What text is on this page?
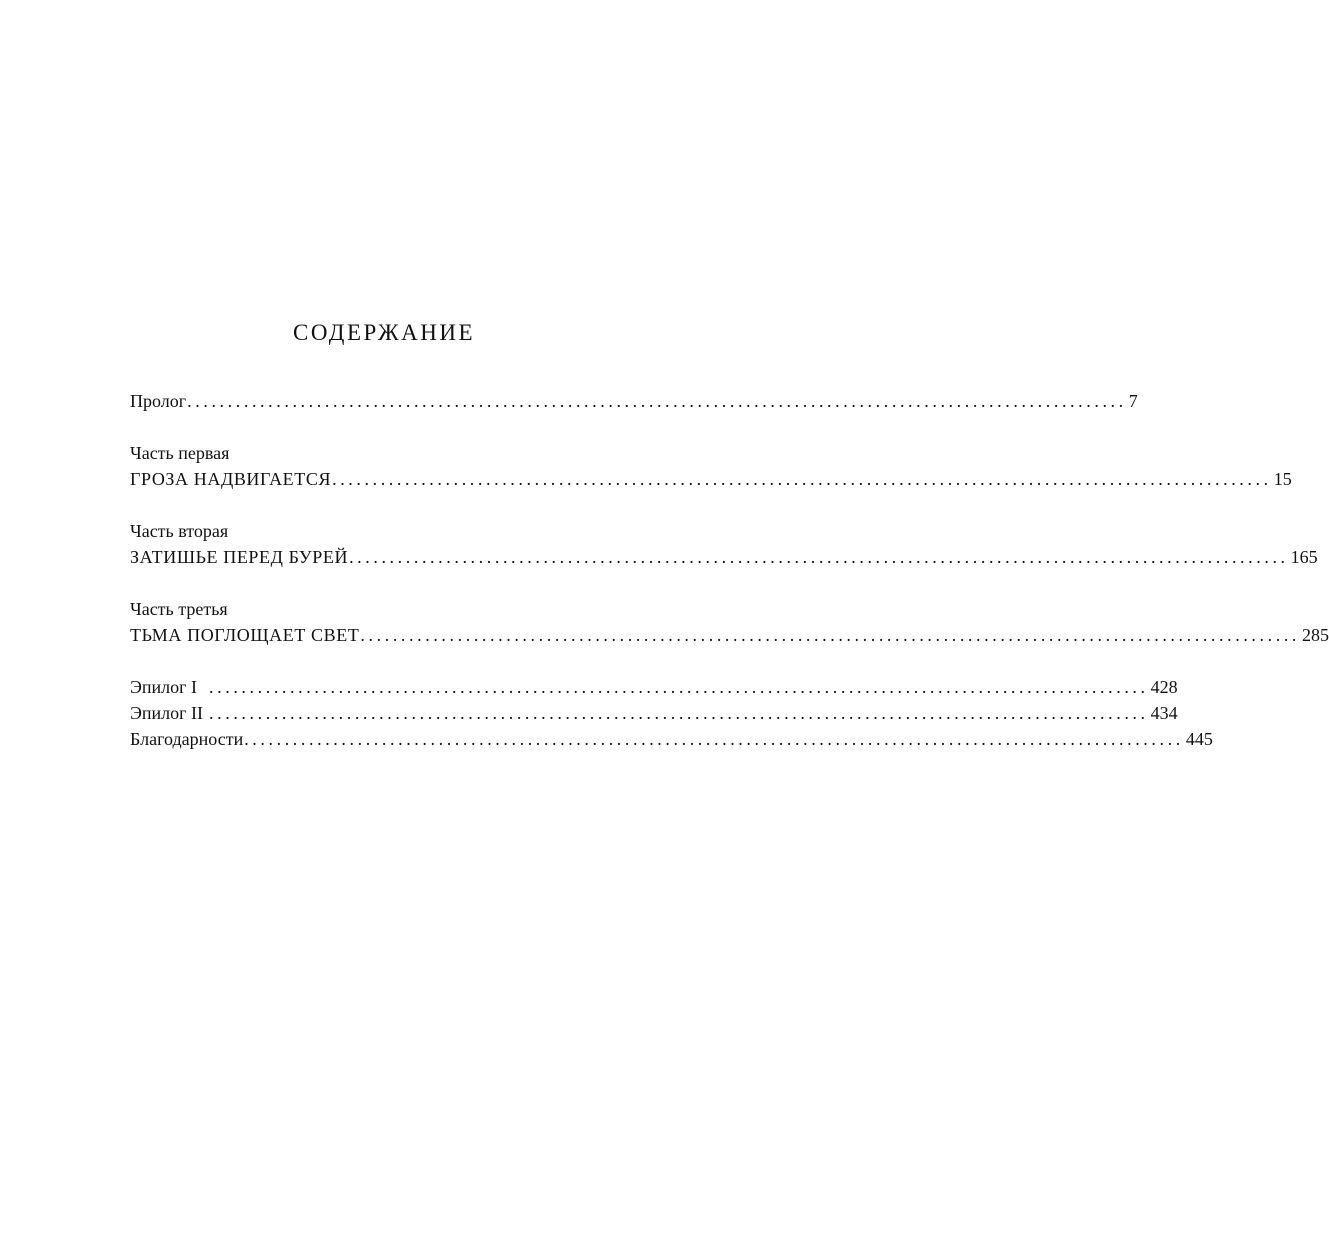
СОДЕРЖАНИЕ
Пролог .................................................................................................................... 7
Часть первая
ГРОЗА НАДВИГАЕТСЯ .................................................................................................................... 15
Часть вторая
ЗАТИШЬЕ ПЕРЕД БУРЕЙ .................................................................................................................... 165
Часть третья
ТЬМА ПОГЛОЩАЕТ СВЕТ .................................................................................................................... 285
Эпилог I .................................................................................................................... 428
Эпилог II .................................................................................................................... 434
Благодарности .................................................................................................................... 445
